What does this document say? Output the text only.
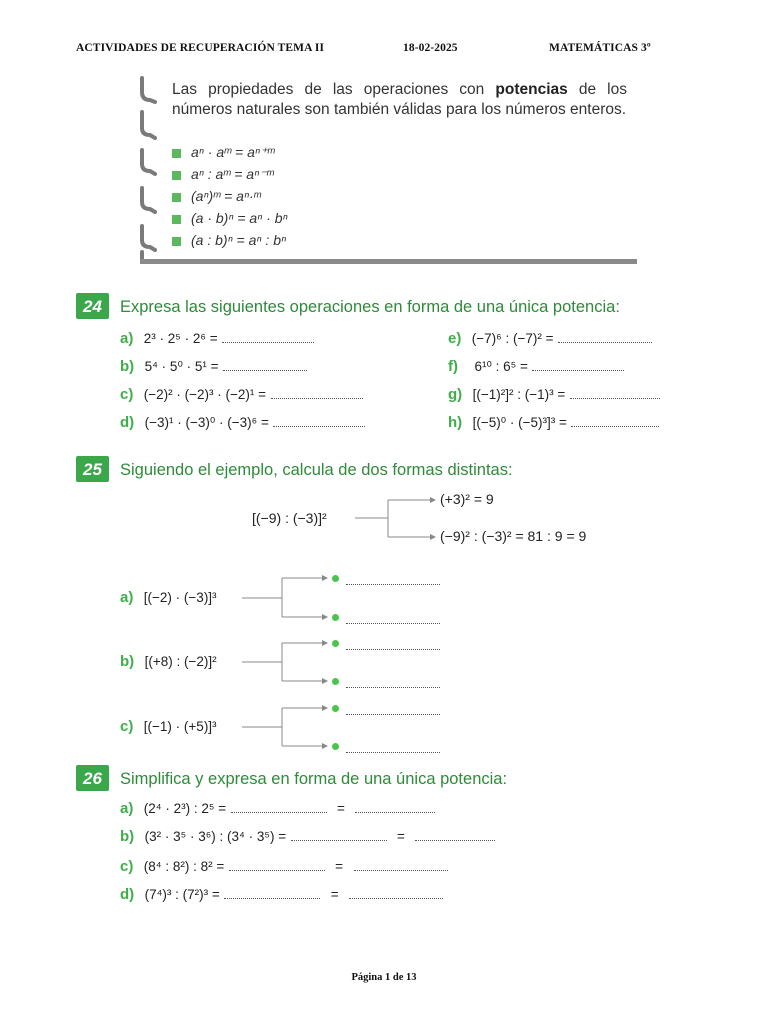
ACTIVIDADES DE RECUPERACIÓN TEMA II	18-02-2025	MATEMÁTICAS 3º
Las propiedades de las operaciones con potencias de los números naturales son también válidas para los números enteros.
aⁿ · aᵐ = aⁿ⁺ᵐ
aⁿ : aᵐ = aⁿ⁻ᵐ
(aⁿ)ᵐ = aⁿ·ᵐ
(a · b)ⁿ = aⁿ · bⁿ
(a : b)ⁿ = aⁿ : bⁿ
24	Expresa las siguientes operaciones en forma de una única potencia:
a) 2³ · 2⁵ · 2⁶ =
b) 5⁴ · 5⁰ · 5¹ =
c) (−2)² · (−2)³ · (−2)¹ =
d) (−3)¹ · (−3)⁰ · (−3)⁶ =
e) (−7)⁶ : (−7)² =
f) 6¹⁰ : 6⁵ =
g) [(−1)²]² : (−1)³ =
h) [(−5)⁰ · (−5)³]³ =
25	Siguiendo el ejemplo, calcula de dos formas distintas:
[(−9) : (−3)]²
(+3)² = 9
(−9)² : (−3)² = 81 : 9 = 9
a) [(−2) · (−3)]³
b) [(+8) : (−2)]²
c) [(−1) · (+5)]³
26	Simplifica y expresa en forma de una única potencia:
a) (2⁴ · 2³) : 2⁵ =	=
b) (3² · 3⁵ · 3⁶) : (3⁴ · 3⁵) =	=
c) (8⁴ : 8²) : 8² =	=
d) (7⁴)³ : (7²)³ =	=
Página 1 de 13
